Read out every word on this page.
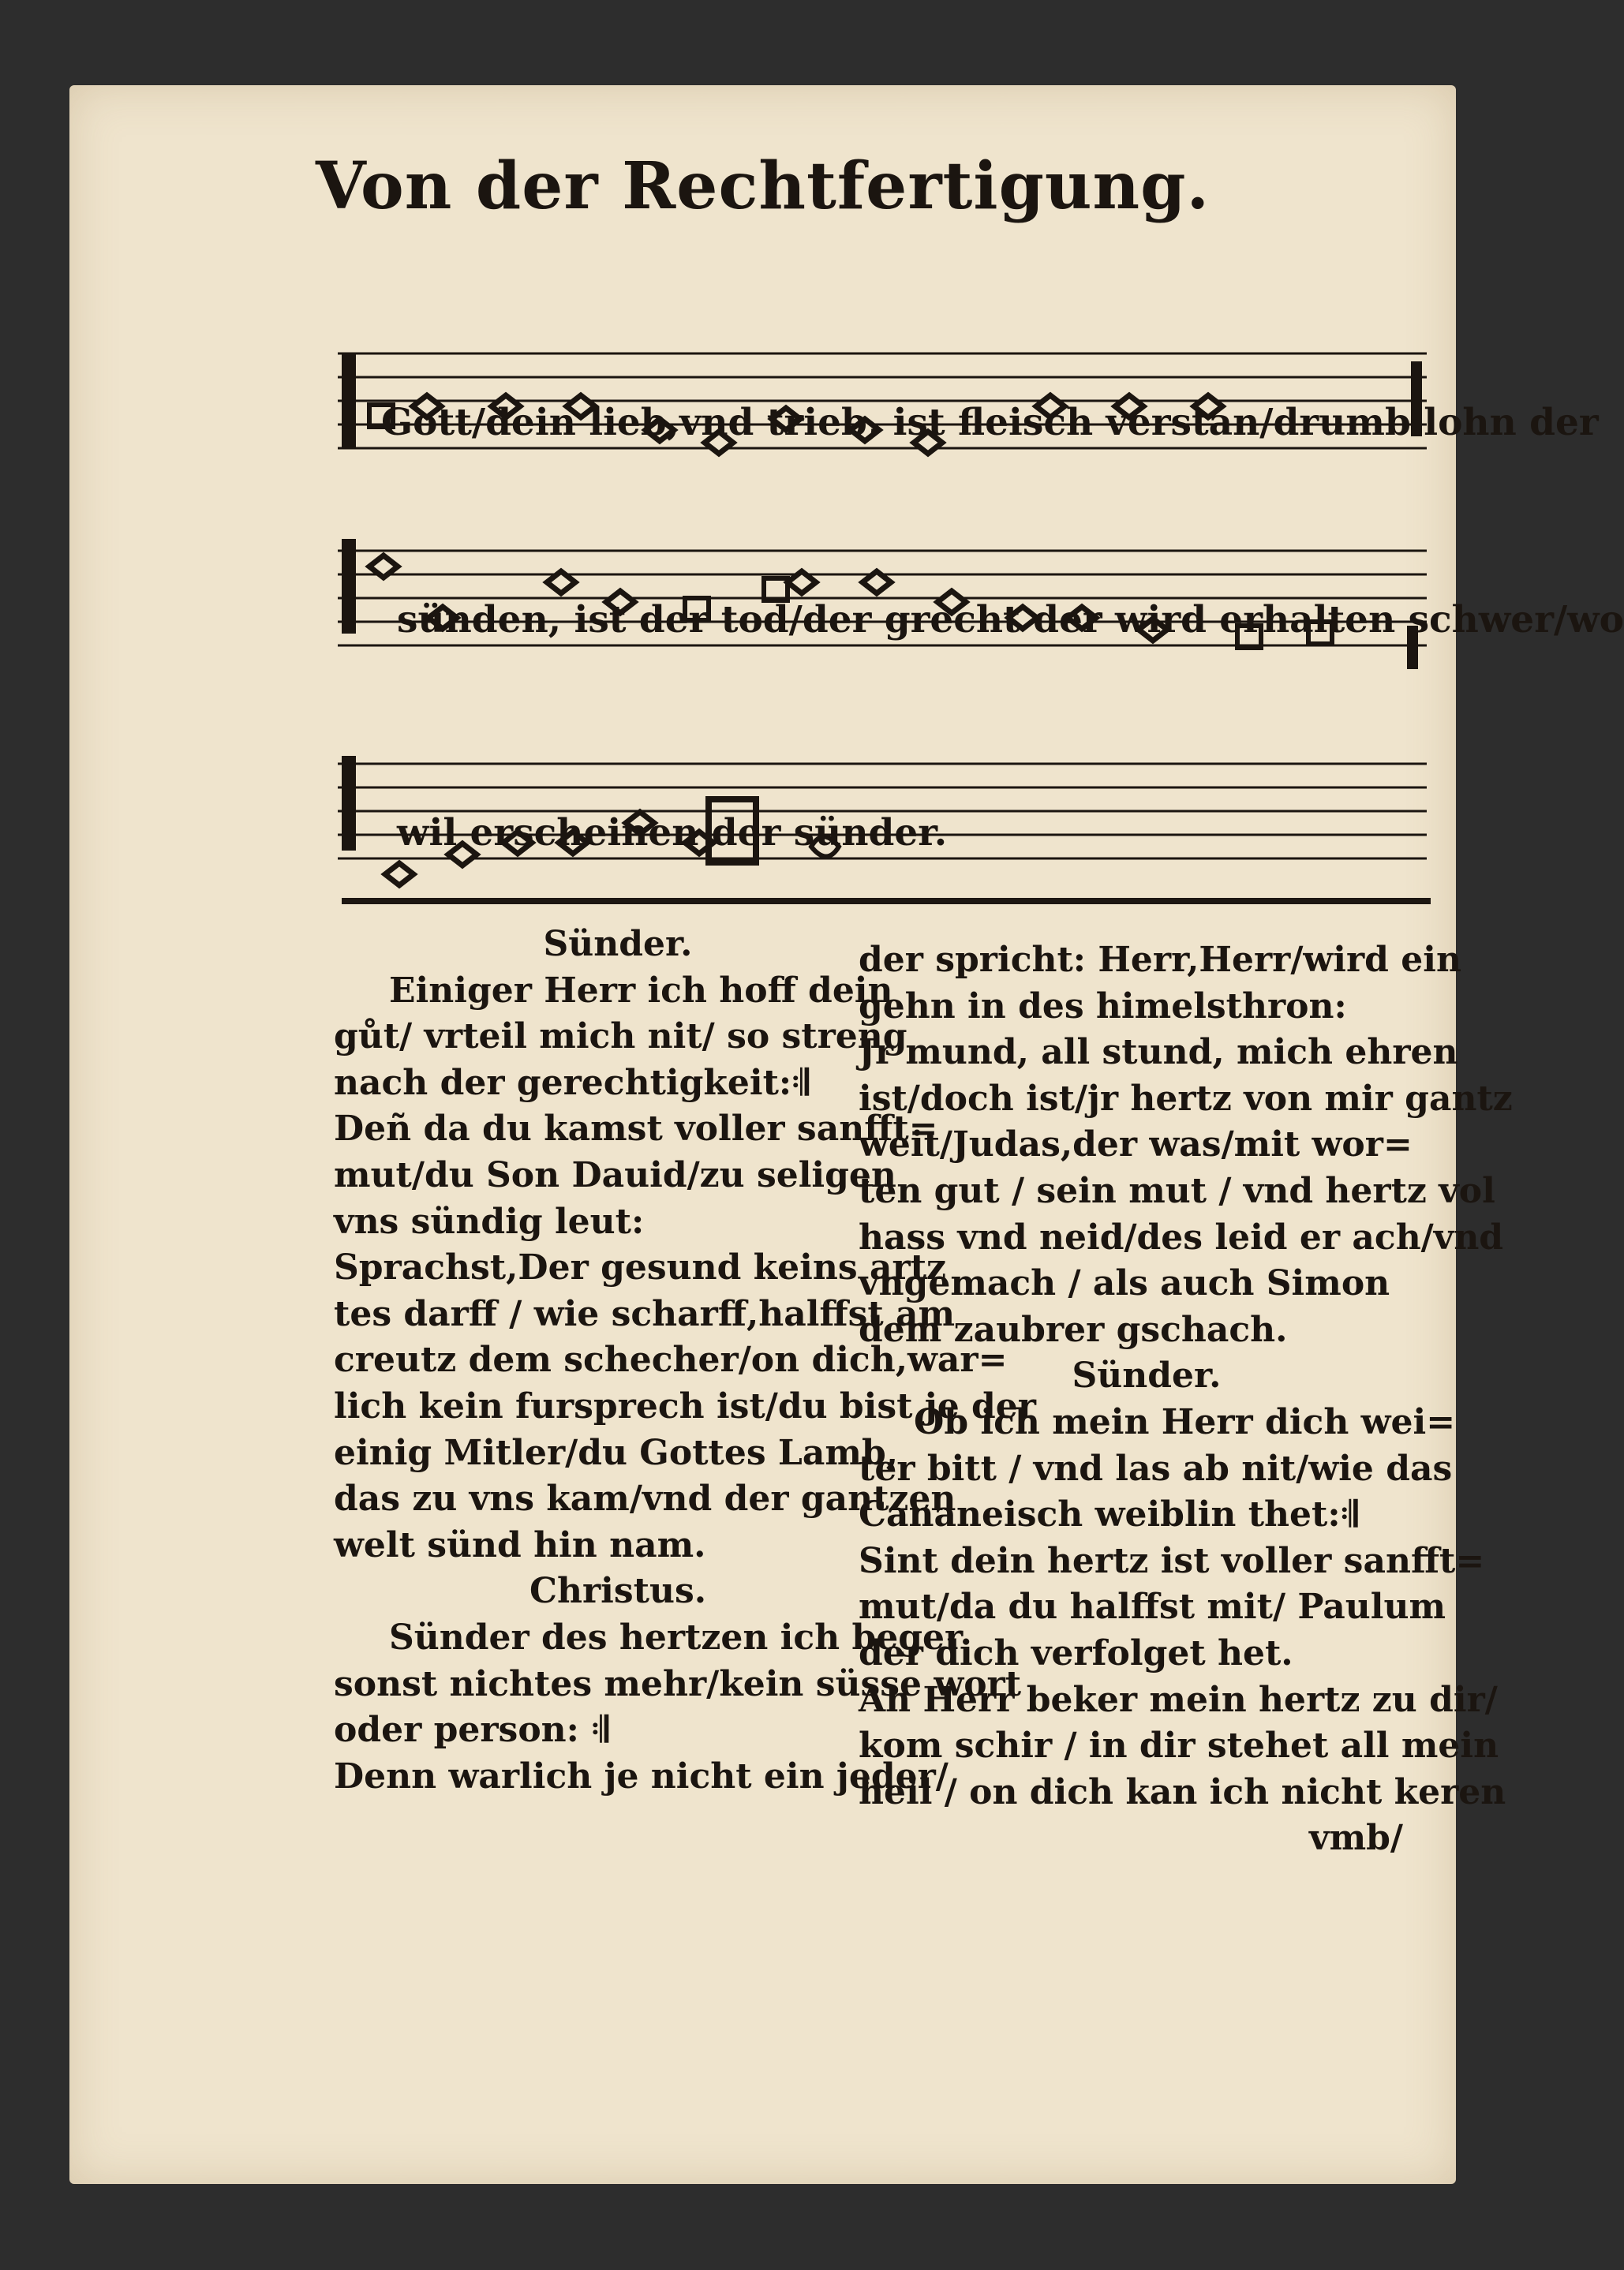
Von der Rechtfertigung.
Gott/dein lieb,vnd trieb, ist fleisch verstan/drumb lohn der
sünden, ist der tod/der grecht der wird erhalten schwer/wo
wil erscheinen der sünder.
Sünder.
Einiger Herr ich hoff dein
gůt/ vrteil mich nit/ so streng
nach der gerechtigkeit:𝄇
Deñ da du kamst voller sanfft=
mut/du Son Dauid/zu seligen
vns sündig leut:
Sprachst,Der gesund keins artz
tes darff / wie scharff,halffst am
creutz dem schecher/on dich,war=
lich kein fursprech ist/du bist je der
einig Mitler/du Gottes Lamb,
das zu vns kam/vnd der gantzen
welt sünd hin nam.
Christus.
Sünder des hertzen ich beger
sonst nichtes mehr/kein süsse wort
oder person: 𝄇
Denn warlich je nicht ein jeder/
der spricht: Herr,Herr/wird ein
gehn in des himelsthron:
Jr mund, all stund, mich ehren
ist/doch ist/jr hertz von mir gantz
weit/Judas,der was/mit wor=
ten gut / sein mut / vnd hertz vol
hass vnd neid/des leid er ach/vnd
vngemach / als auch Simon
dem zaubrer gschach.
Sünder.
Ob ich mein Herr dich wei=
ter bitt / vnd las ab nit/wie das
Cananeisch weiblin thet:𝄇
Sint dein hertz ist voller sanfft=
mut/da du halffst mit/ Paulum
der dich verfolget het.
Ah Herr beker mein hertz zu dir/
kom schir / in dir stehet all mein
heil / on dich kan ich nicht keren
vmb/
